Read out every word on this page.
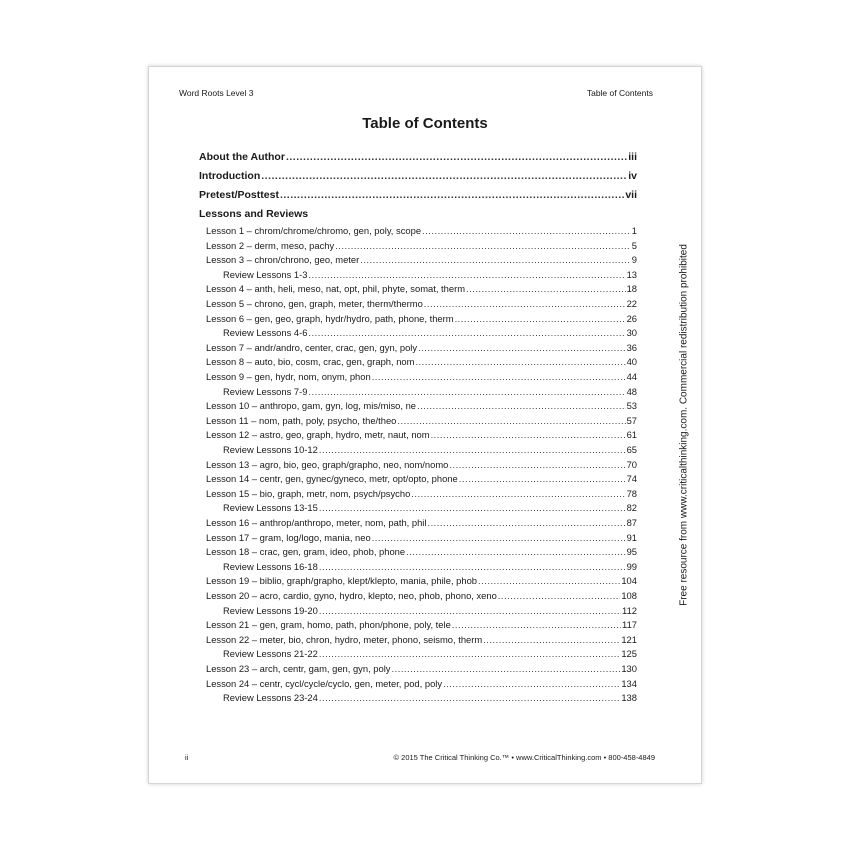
Word Roots Level 3	Table of Contents
Table of Contents
About the Author .....	iii
Introduction .....	iv
Pretest/Posttest .....	vii
Lessons and Reviews
Lesson 1 – chrom/chrome/chromo, gen, poly, scope .....	1
Lesson 2 – derm, meso, pachy .....	5
Lesson 3 – chron/chrono, geo, meter .....	9
Review Lessons 1-3 .....	13
Lesson 4 – anth, heli, meso, nat, opt, phil, phyte, somat, therm .....	18
Lesson 5 – chrono, gen, graph, meter, therm/thermo .....	22
Lesson 6 – gen, geo, graph, hydr/hydro, path, phone, therm .....	26
Review Lessons 4-6 .....	30
Lesson 7 – andr/andro, center, crac, gen, gyn, poly .....	36
Lesson 8 – auto, bio, cosm, crac, gen, graph, nom .....	40
Lesson 9 – gen, hydr, nom, onym, phon .....	44
Review Lessons 7-9 .....	48
Lesson 10 – anthropo, gam, gyn, log, mis/miso, ne .....	53
Lesson 11 – nom, path, poly, psycho, the/theo .....	57
Lesson 12 – astro, geo, graph, hydro, metr, naut, nom .....	61
Review Lessons 10-12 .....	65
Lesson 13 – agro, bio, geo, graph/grapho, neo, nom/nomo .....	70
Lesson 14 – centr, gen, gynec/gyneco, metr, opt/opto, phone .....	74
Lesson 15 – bio, graph, metr, nom, psych/psycho .....	78
Review Lessons 13-15 .....	82
Lesson 16 – anthrop/anthropo, meter, nom, path, phil .....	87
Lesson 17 – gram, log/logo, mania, neo .....	91
Lesson 18 – crac, gen, gram, ideo, phob, phone .....	95
Review Lessons 16-18 .....	99
Lesson 19 – biblio, graph/grapho, klept/klepto, mania, phile, phob .....	104
Lesson 20 – acro, cardio, gyno, hydro, klepto, neo, phob, phono, xeno .....	108
Review Lessons 19-20 .....	112
Lesson 21 – gen, gram, homo, path, phon/phone, poly, tele .....	117
Lesson 22 – meter, bio, chron, hydro, meter, phono, seismo, therm .....	121
Review Lessons 21-22 .....	125
Lesson 23 – arch, centr, gam, gen, gyn, poly .....	130
Lesson 24 – centr, cycl/cycle/cyclo, gen, meter, pod, poly .....	134
Review Lessons 23-24 .....	138
ii	© 2015 The Critical Thinking Co.™ • www.CriticalThinking.com • 800-458-4849
Free resource from www.criticalthinking.com. Commercial redistribution prohibited
